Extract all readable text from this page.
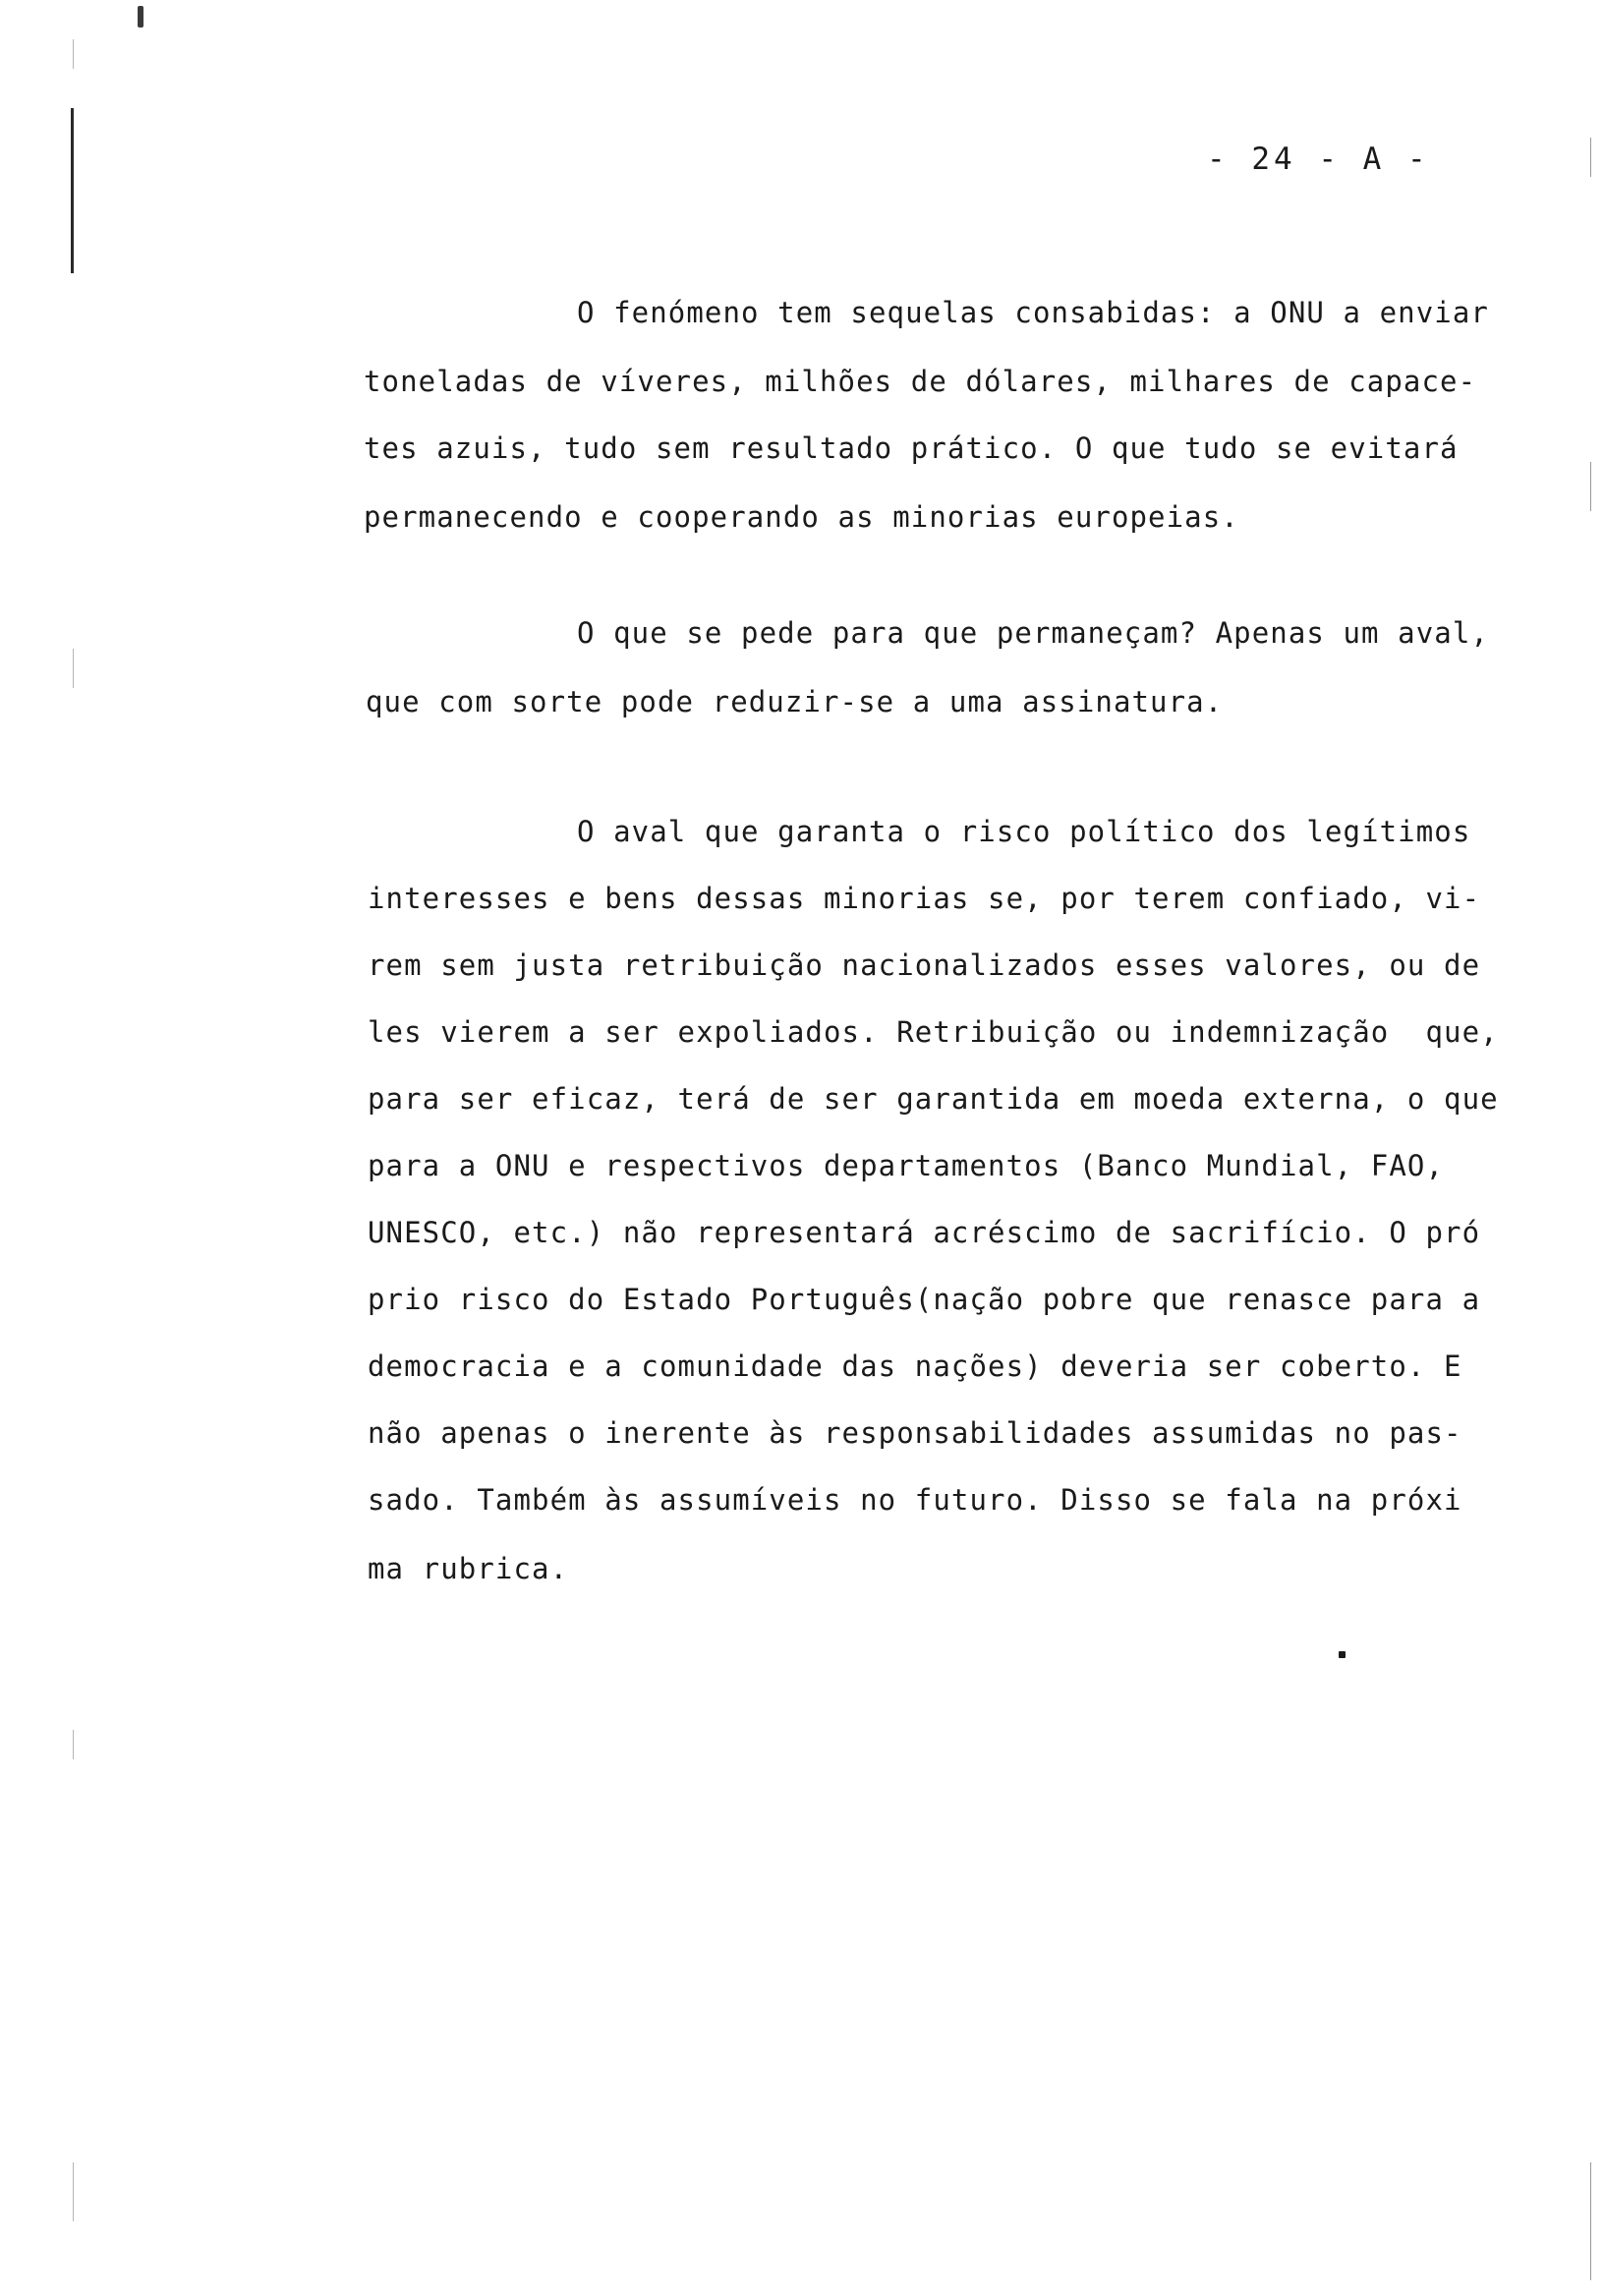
- 24 - A -
O fenómeno tem sequelas consabidas: a ONU a enviar
toneladas de víveres, milhões de dólares, milhares de capace-
tes azuis, tudo sem resultado prático. O que tudo se evitará
permanecendo e cooperando as minorias europeias.
O que se pede para que permaneçam? Apenas um aval,
que com sorte pode reduzir-se a uma assinatura.
O aval que garanta o risco político dos legítimos
interesses e bens dessas minorias se, por terem confiado, vi-
rem sem justa retribuição nacionalizados esses valores, ou de
les vierem a ser expoliados. Retribuição ou indemnização  que,
para ser eficaz, terá de ser garantida em moeda externa, o que
para a ONU e respectivos departamentos (Banco Mundial, FAO,
UNESCO, etc.) não representará acréscimo de sacrifício. O pró
prio risco do Estado Português(nação pobre que renasce para a
democracia e a comunidade das nações) deveria ser coberto. E
não apenas o inerente às responsabilidades assumidas no pas-
sado. Também às assumíveis no futuro. Disso se fala na próxi
ma rubrica.
